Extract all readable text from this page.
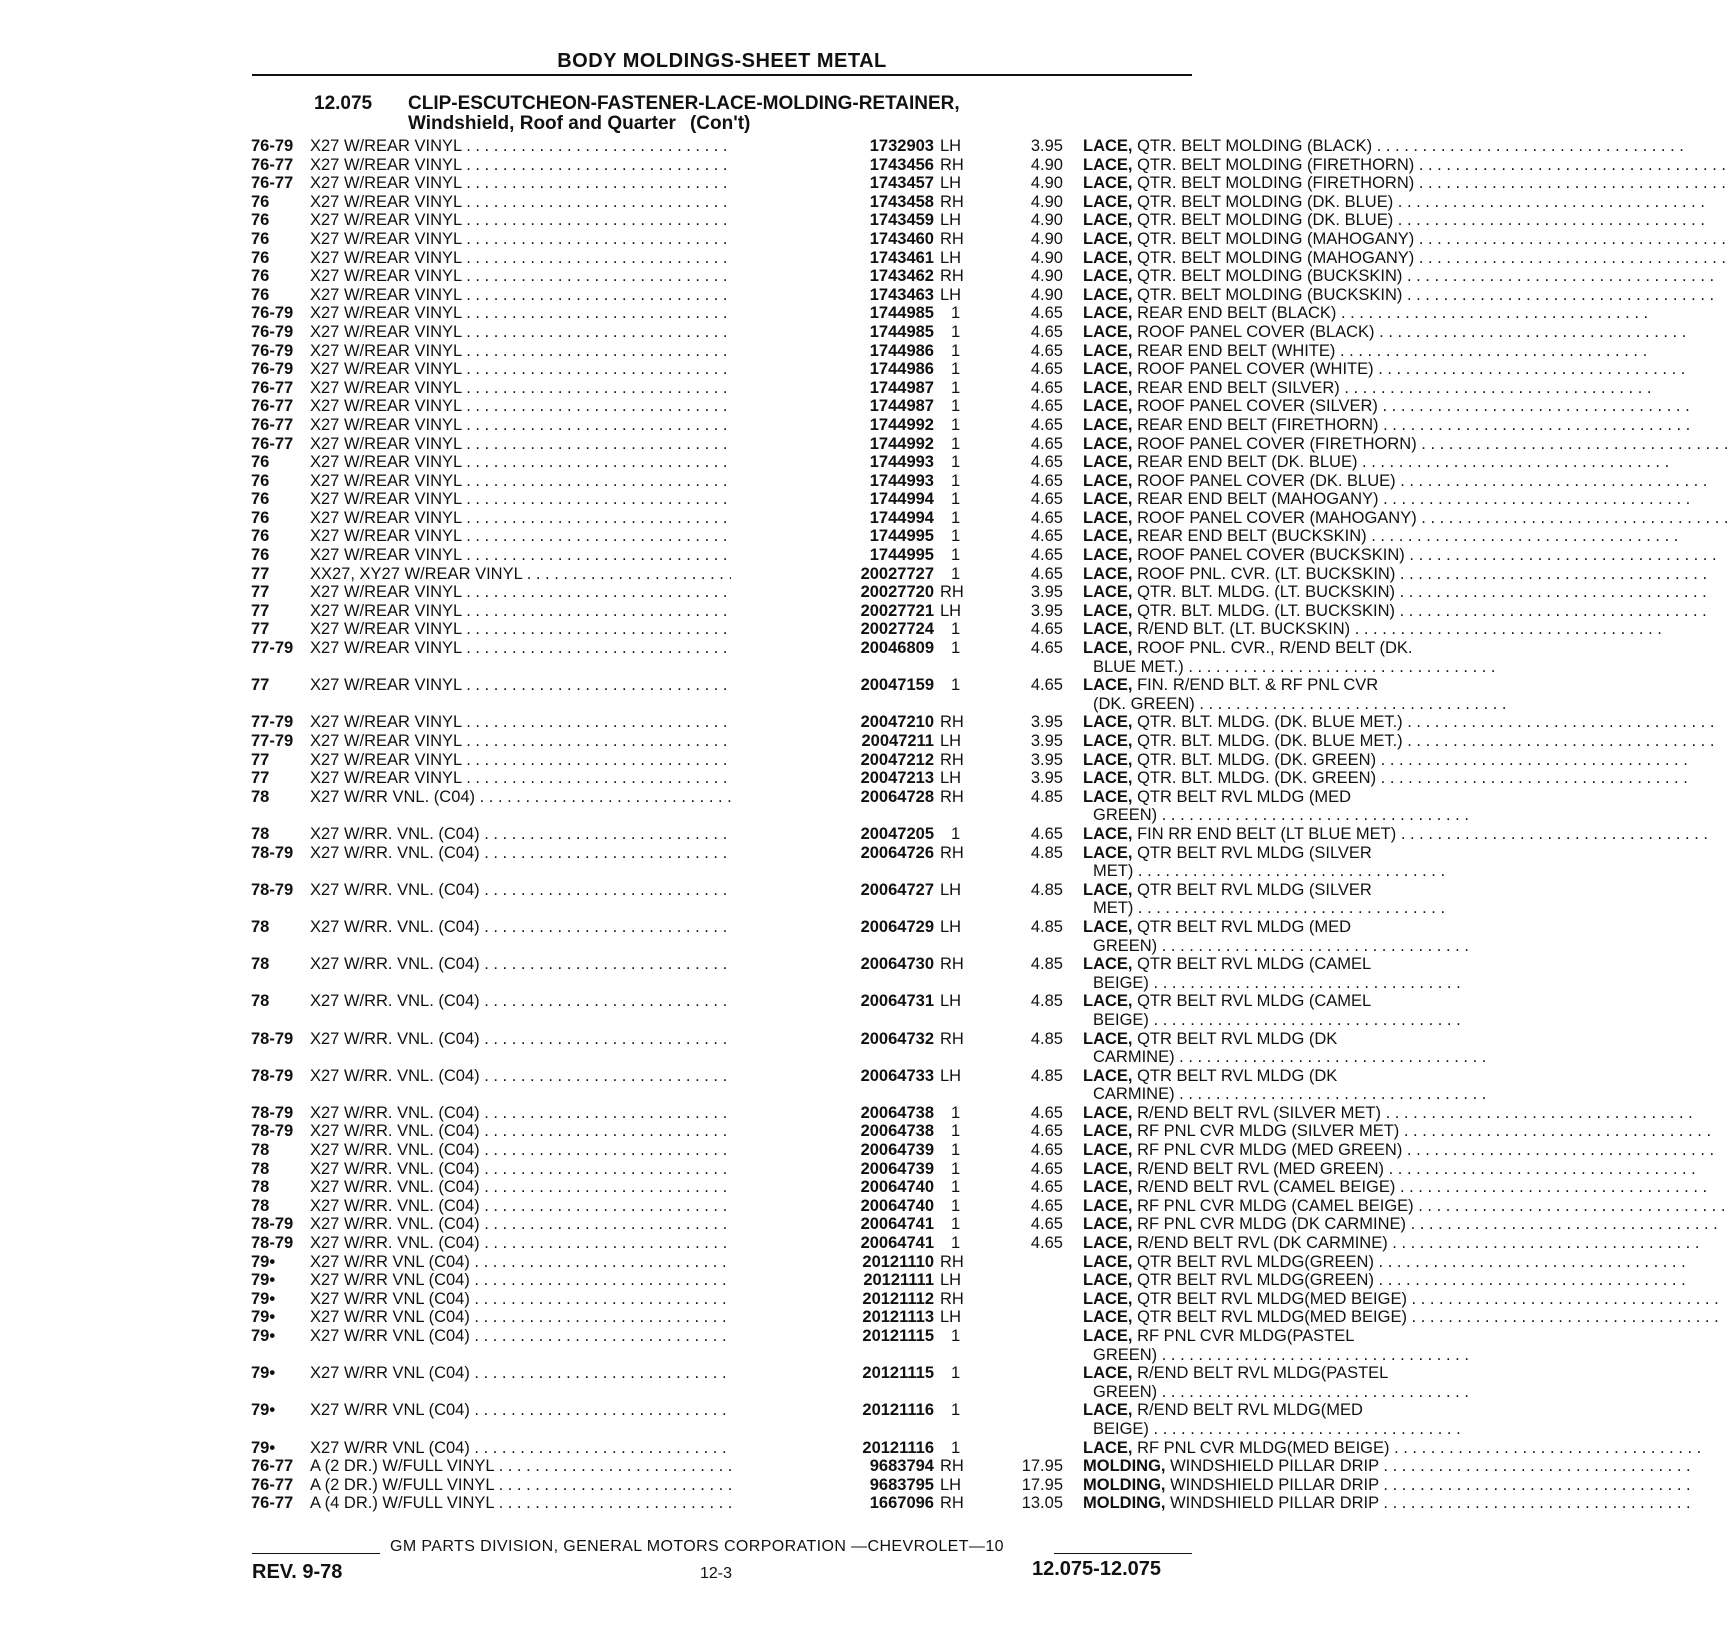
BODY MOLDINGS-SHEET METAL
12.075 CLIP-ESCUTCHEON-FASTENER-LACE-MOLDING-RETAINER,
Windshield, Roof and Quarter (Con't)
76-79 X27 W/REAR VINYL . . .	1732903 LH	3.95 LACE, QTR. BELT MOLDING (BLACK) . . .
76-77 X27 W/REAR VINYL . . .	1743456 RH	4.90 LACE, QTR. BELT MOLDING (FIRETHORN) . . .
76-77 X27 W/REAR VINYL . . .	1743457 LH	4.90 LACE, QTR. BELT MOLDING (FIRETHORN) . . .
76 X27 W/REAR VINYL . . .	1743458 RH	4.90 LACE, QTR. BELT MOLDING (DK. BLUE) . . .
76 X27 W/REAR VINYL . . .	1743459 LH	4.90 LACE, QTR. BELT MOLDING (DK. BLUE) . . .
76 X27 W/REAR VINYL . . .	1743460 RH	4.90 LACE, QTR. BELT MOLDING (MAHOGANY) . . .
76 X27 W/REAR VINYL . . .	1743461 LH	4.90 LACE, QTR. BELT MOLDING (MAHOGANY) . . .
76 X27 W/REAR VINYL . . .	1743462 RH	4.90 LACE, QTR. BELT MOLDING (BUCKSKIN) . . .
76 X27 W/REAR VINYL . . .	1743463 LH	4.90 LACE, QTR. BELT MOLDING (BUCKSKIN) . . .
76-79 X27 W/REAR VINYL . . .	1744985 1	4.65 LACE, REAR END BELT (BLACK) . . .
76-79 X27 W/REAR VINYL . . .	1744985 1	4.65 LACE, ROOF PANEL COVER (BLACK) . . .
76-79 X27 W/REAR VINYL . . .	1744986 1	4.65 LACE, REAR END BELT (WHITE) . . .
76-79 X27 W/REAR VINYL . . .	1744986 1	4.65 LACE, ROOF PANEL COVER (WHITE) . . .
76-77 X27 W/REAR VINYL . . .	1744987 1	4.65 LACE, REAR END BELT (SILVER) . . .
76-77 X27 W/REAR VINYL . . .	1744987 1	4.65 LACE, ROOF PANEL COVER (SILVER) . . .
76-77 X27 W/REAR VINYL . . .	1744992 1	4.65 LACE, REAR END BELT (FIRETHORN) . . .
76-77 X27 W/REAR VINYL . . .	1744992 1	4.65 LACE, ROOF PANEL COVER (FIRETHORN) . . .
76 X27 W/REAR VINYL . . .	1744993 1	4.65 LACE, REAR END BELT (DK. BLUE) . . .
76 X27 W/REAR VINYL . . .	1744993 1	4.65 LACE, ROOF PANEL COVER (DK. BLUE) . . .
76 X27 W/REAR VINYL . . .	1744994 1	4.65 LACE, REAR END BELT (MAHOGANY) . . .
76 X27 W/REAR VINYL . . .	1744994 1	4.65 LACE, ROOF PANEL COVER (MAHOGANY) . . .
76 X27 W/REAR VINYL . . .	1744995 1	4.65 LACE, REAR END BELT (BUCKSKIN) . . .
76 X27 W/REAR VINYL . . .	1744995 1	4.65 LACE, ROOF PANEL COVER (BUCKSKIN) . . .
77 XX27, XY27 W/REAR VINYL . . .	20027727 1	4.65 LACE, ROOF PNL. CVR. (LT. BUCKSKIN) . . .
77 X27 W/REAR VINYL . . .	20027720 RH	3.95 LACE, QTR. BLT. MLDG. (LT. BUCKSKIN) . . .
77 X27 W/REAR VINYL . . .	20027721 LH	3.95 LACE, QTR. BLT. MLDG. (LT. BUCKSKIN) . . .
77 X27 W/REAR VINYL . . .	20027724 1	4.65 LACE, R/END BLT. (LT. BUCKSKIN) . . .
77-79 X27 W/REAR VINYL . . .	20046809 1	4.65 LACE, ROOF PNL. CVR., R/END BELT (DK.
BLUE MET.) . . .
77 X27 W/REAR VINYL . . .	20047159 1	4.65 LACE, FIN. R/END BLT. & RF PNL CVR
(DK. GREEN) . . .
77-79 X27 W/REAR VINYL . . .	20047210 RH	3.95 LACE, QTR. BLT. MLDG. (DK. BLUE MET.) . . .
77-79 X27 W/REAR VINYL . . .	20047211 LH	3.95 LACE, QTR. BLT. MLDG. (DK. BLUE MET.) . . .
77 X27 W/REAR VINYL . . .	20047212 RH	3.95 LACE, QTR. BLT. MLDG. (DK. GREEN) . . .
77 X27 W/REAR VINYL . . .	20047213 LH	3.95 LACE, QTR. BLT. MLDG. (DK. GREEN) . . .
78 X27 W/RR VNL. (C04) . . .	20064728 RH	4.85 LACE, QTR BELT RVL MLDG (MED
GREEN) . . .
78 X27 W/RR. VNL. (C04) . . .	20047205 1	4.65 LACE, FIN RR END BELT (LT BLUE MET) . . .
78-79 X27 W/RR. VNL. (C04) . . .	20064726 RH	4.85 LACE, QTR BELT RVL MLDG (SILVER
MET) . . .
78-79 X27 W/RR. VNL. (C04) . . .	20064727 LH	4.85 LACE, QTR BELT RVL MLDG (SILVER
MET) . . .
78 X27 W/RR. VNL. (C04) . . .	20064729 LH	4.85 LACE, QTR BELT RVL MLDG (MED
GREEN) . . .
78 X27 W/RR. VNL. (C04) . . .	20064730 RH	4.85 LACE, QTR BELT RVL MLDG (CAMEL
BEIGE) . . .
78 X27 W/RR. VNL. (C04) . . .	20064731 LH	4.85 LACE, QTR BELT RVL MLDG (CAMEL
BEIGE) . . .
78-79 X27 W/RR. VNL. (C04) . . .	20064732 RH	4.85 LACE, QTR BELT RVL MLDG (DK
CARMINE) . . .
78-79 X27 W/RR. VNL. (C04) . . .	20064733 LH	4.85 LACE, QTR BELT RVL MLDG (DK
CARMINE) . . .
78-79 X27 W/RR. VNL. (C04) . . .	20064738 1	4.65 LACE, R/END BELT RVL (SILVER MET) . . .
78-79 X27 W/RR. VNL. (C04) . . .	20064738 1	4.65 LACE, RF PNL CVR MLDG (SILVER MET) . . .
78 X27 W/RR. VNL. (C04) . . .	20064739 1	4.65 LACE, RF PNL CVR MLDG (MED GREEN) . . .
78 X27 W/RR. VNL. (C04) . . .	20064739 1	4.65 LACE, R/END BELT RVL (MED GREEN) . . .
78 X27 W/RR. VNL. (C04) . . .	20064740 1	4.65 LACE, R/END BELT RVL (CAMEL BEIGE) . . .
78 X27 W/RR. VNL. (C04) . . .	20064740 1	4.65 LACE, RF PNL CVR MLDG (CAMEL BEIGE) . . .
78-79 X27 W/RR. VNL. (C04) . . .	20064741 1	4.65 LACE, RF PNL CVR MLDG (DK CARMINE) . . .
78-79 X27 W/RR. VNL. (C04) . . .	20064741 1	4.65 LACE, R/END BELT RVL (DK CARMINE) . . .
79• X27 W/RR VNL (C04) . . .	20121110 RH	LACE, QTR BELT RVL MLDG(GREEN) . . .
79• X27 W/RR VNL (C04) . . .	20121111 LH	LACE, QTR BELT RVL MLDG(GREEN) . . .
79• X27 W/RR VNL (C04) . . .	20121112 RH	LACE, QTR BELT RVL MLDG(MED BEIGE) . . .
79• X27 W/RR VNL (C04) . . .	20121113 LH	LACE, QTR BELT RVL MLDG(MED BEIGE) . . .
79• X27 W/RR VNL (C04) . . .	20121115 1	LACE, RF PNL CVR MLDG(PASTEL
GREEN) . . .
79• X27 W/RR VNL (C04) . . .	20121115 1	LACE, R/END BELT RVL MLDG(PASTEL
GREEN) . . .
79• X27 W/RR VNL (C04) . . .	20121116 1	LACE, R/END BELT RVL MLDG(MED
BEIGE) . . .
79• X27 W/RR VNL (C04) . . .	20121116 1	LACE, RF PNL CVR MLDG(MED BEIGE) . . .
76-77 A (2 DR.) W/FULL VINYL . . .	9683794 RH	17.95 MOLDING, WINDSHIELD PILLAR DRIP . . .
76-77 A (2 DR.) W/FULL VINYL . . .	9683795 LH	17.95 MOLDING, WINDSHIELD PILLAR DRIP . . .
76-77 A (4 DR.) W/FULL VINYL . . .	1667096 RH	13.05 MOLDING, WINDSHIELD PILLAR DRIP . . .
GM PARTS DIVISION, GENERAL MOTORS CORPORATION —CHEVROLET—10
REV. 9-78	12-3	12.075-12.075
